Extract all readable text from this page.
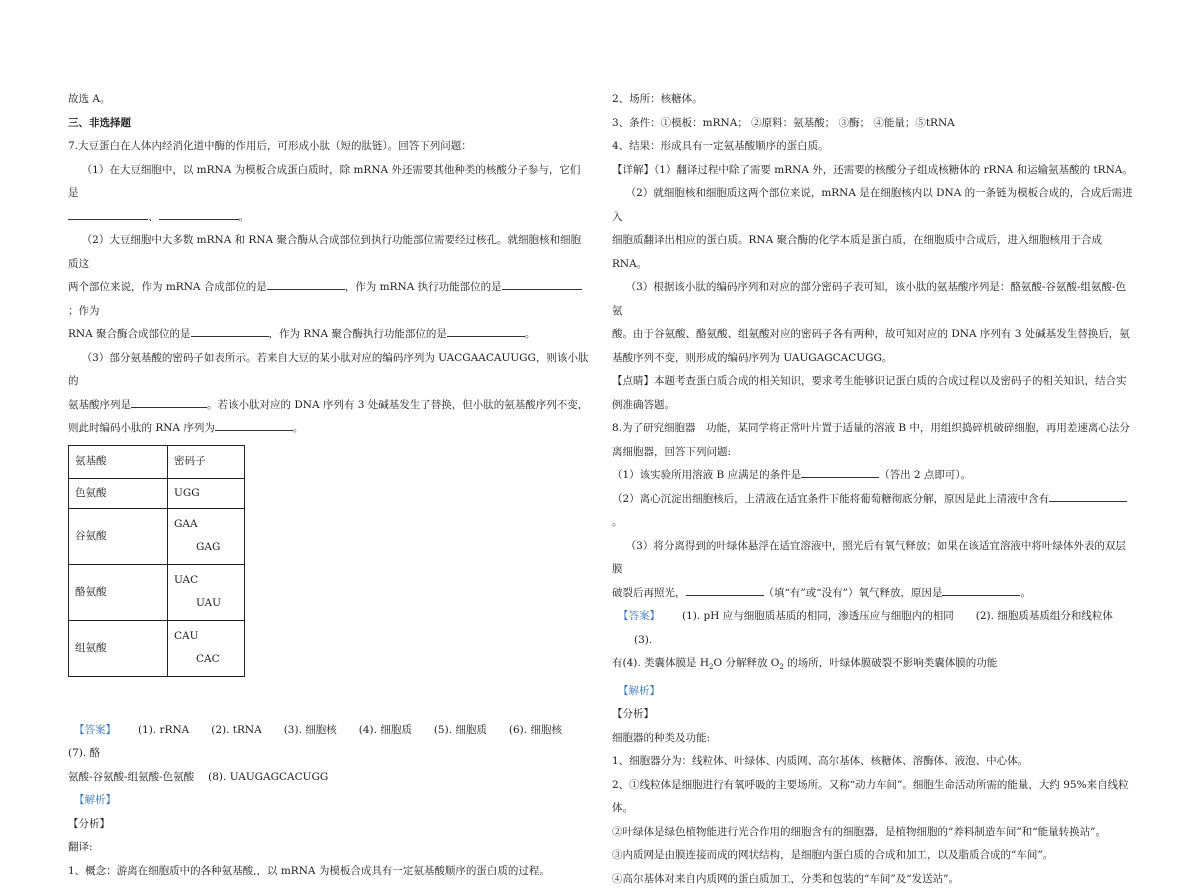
故选 A。

三、非选择题

7.大豆蛋白在人体内经消化道中酶的作用后，可形成小肽（短的肽链）。回答下列问题：

（1）在大豆细胞中，以 mRNA 为模板合成蛋白质时，除 mRNA 外还需要其他种类的核酸分子参与，它们是

、	。

（2）大豆细胞中大多数 mRNA 和 RNA 聚合酶从合成部位到执行功能部位需要经过核孔。就细胞核和细胞质这

两个部位来说，作为 mRNA 合成部位的是	，作为 mRNA 执行功能部位的是；作为

RNA 聚合酶合成部位的是	，作为 RNA 聚合酶执行功能部位的是	。

（3）部分氨基酸的密码子如表所示。若来自大豆的某小肽对应的编码序列为 UACGAACAUUGG，则该小肽的

氨基酸序列是	。若该小肽对应的 DNA 序列有 3 处碱基发生了替换，但小肽的氨基酸序列不变，

则此时编码小肽的 RNA 序列为	。

氨基酸	密码子
色氨酸	UGG
谷氨酸	GAA
GAG

酪氨酸	UAC
UAU

组氨酸	CAU
CAC

【答案】 (1). rRNA (2). tRNA (3). 细胞核 (4). 细胞质 (5). 细胞质 (6). 细胞核(7). 酪

氨酸-谷氨酸-组氨酸-色氨酸 (8). UAUGAGCACUGG

【解析】

【分析】

翻译:

1、概念：游离在细胞质中的各种氨基酸,，以 mRNA 为模板合成具有一定氨基酸顺序的蛋白质的过程。

2、场所：核糖体。

3、条件：①模板：mRNA； ②原料：氨基酸； ③酶； ④能量；⑤tRNA

4、结果：形成具有一定氨基酸顺序的蛋白质。

【详解】（1）翻译过程中除了需要 mRNA 外，还需要的核酸分子组成核糖体的 rRNA 和运输氨基酸的 tRNA。

（2）就细胞核和细胞质这两个部位来说，mRNA 是在细胞核内以 DNA 的一条链为模板合成的，合成后需进入

细胞质翻译出相应的蛋白质。RNA 聚合酶的化学本质是蛋白质，在细胞质中合成后，进入细胞核用于合成 RNA。

（3）根据该小肽的编码序列和对应的部分密码子表可知，该小肽的氨基酸序列是：酪氨酸-谷氨酸-组氨酸-色氨

酸。由于谷氨酸、酪氨酸、组氨酸对应的密码子各有两种，故可知对应的 DNA 序列有 3 处碱基发生替换后，氨

基酸序列不变，则形成的编码序列为 UAUGAGCACUGG。

【点睛】本题考查蛋白质合成的相关知识，要求考生能够识记蛋白质的合成过程以及密码子的相关知识，结合实

例准确答题。

8.为了研究细胞器　功能，某同学将正常叶片置于适量的溶液 B 中，用组织捣碎机破碎细胞，再用差速离心法分

离细胞器，回答下列问题:

（1）该实验所用溶液 B 应满足的条件是	（答出 2 点即可）。

（2）离心沉淀出细胞核后，上清液在适宜条件下能将葡萄糖彻底分解，原因是此上清液中含有。

（3）将分离得到的叶绿体悬浮在适宜溶液中，照光后有氧气释放；如果在该适宜溶液中将叶绿体外表的双层膜

破裂后再照光，	（填“有”或“没有”）氧气释放，原因是	。

【答案】 (1). pH 应与细胞质基质的相同，渗透压应与细胞内的相同 (2). 细胞质基质组分和线粒体(3).

有(4). 类囊体膜是 $H_2O$ 分解释放 $O_2$ 的场所，叶绿体膜破裂不影响类囊体膜的功能

【解析】

【分析】

细胞器的种类及功能:

1、细胞器分为：线粒体、叶绿体、内质网、高尔基体、核糖体、溶酶体、液泡、中心体。

2、①线粒体是细胞进行有氧呼吸的主要场所。又称“动力车间”。细胞生命活动所需的能量，大约 95%来自线粒

体。

②叶绿体是绿色植物能进行光合作用的细胞含有的细胞器，是植物细胞的“养料制造车间”和“能量转换站”。

③内质网是由膜连接而成的网状结构，是细胞内蛋白质的合成和加工，以及脂质合成的“车间”。

④高尔基体对来自内质网的蛋白质加工，分类和包装的“车间”及“发送站”。
